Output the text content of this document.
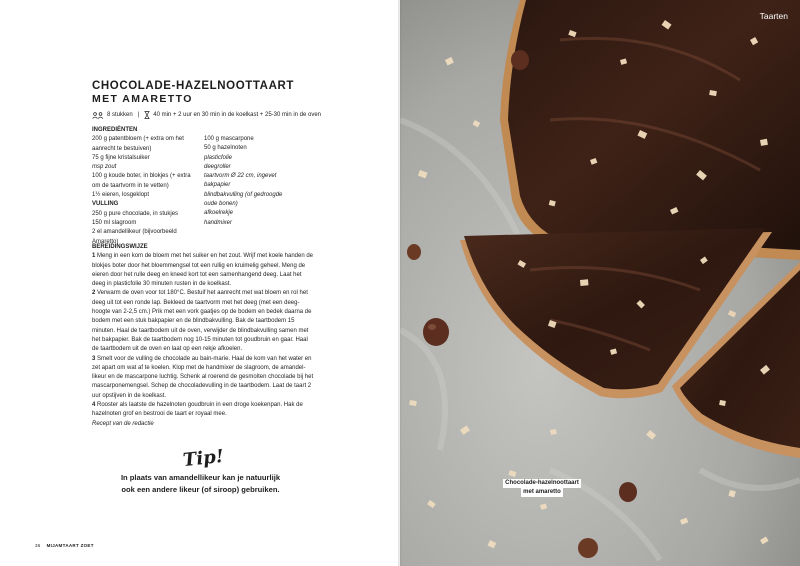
CHOCOLADE-HAZELNOOTTAART
MET AMARETTO
8 stukken | 40 min + 2 uur en 30 min in de koelkast + 25-30 min in de oven
INGREDIËNTEN
200 g patentbloem (+ extra om het
aanrecht te bestuiven)
75 g fijne kristalsuiker
msp zout
100 g koude boter, in blokjes (+ extra
om de taartvorm in te vetten)
1½ eieren, losgeklopt
VULLING
250 g pure chocolade, in stukjes
150 ml slagroom
2 el amandellikeur (bijvoorbeeld
Amaretto)
100 g mascarpone
50 g hazelnoten
plasticfolie
deegroller
taartvorm Ø 22 cm, ingevet
bakpapier
blindbakvulling (of gedroogde
oude bonen)
afkoelrekje
handmixer
BEREIDINGSWIJZE

1 Meng in een kom de bloem met het suiker en het zout. Wrijf met koele handen de blokjes boter door het bloemmengsel tot een rullig en kruimelig geheel. Meng de eieren door het rulle deeg en kneed kort tot een samenhangend deeg. Laat het deeg in plasticfolie 30 minuten rusten in de koelkast.

2 Verwarm de oven voor tot 180°C. Bestuif het aanrecht met wat bloem en rol het deeg uit tot een ronde lap. Bekleed de taartvorm met het deeg (met een deeg-hoogte van 2-2,5 cm.) Prik met een vork gaatjes op de bodem en bedek daarna de bodem met een stuk bakpapier en de blindbakvulling. Bak de taartbodem 15 minuten. Haal de taartbodem uit de oven, verwijder de blindbakvulling samen met het bakpapier. Bak de taartbodem nog 10-15 minuten tot goudbruin en gaar. Haal de taartbodem uit de oven en laat op een rekje afkoelen.

3 Smelt voor de vulling de chocolade au bain-marie. Haal de kom van het water en zet apart om wat af te koelen. Klop met de handmixer de slagroom, de amandel-likeur en de mascarpone luchtig. Schenk al roerend de gesmolten chocolade bij het mascarponemengsel. Schep de chocoladevulling in de taartbodem. Laat de taart 2 uur opstijven in de koelkast.

4 Rooster als laatste de hazelnoten goudbruin in een droge koekenpan. Hak de hazelnoten grof en bestrooi de taart er royaal mee.

Recept van de redactie

Tip!
In plaats van amandellikeur kan je natuurlijk ook een andere likeur (of siroop) gebruiken.
36 MIJAMTAART ZOET
Taarten
Chocolade-hazelnoottaart
met amaretto
